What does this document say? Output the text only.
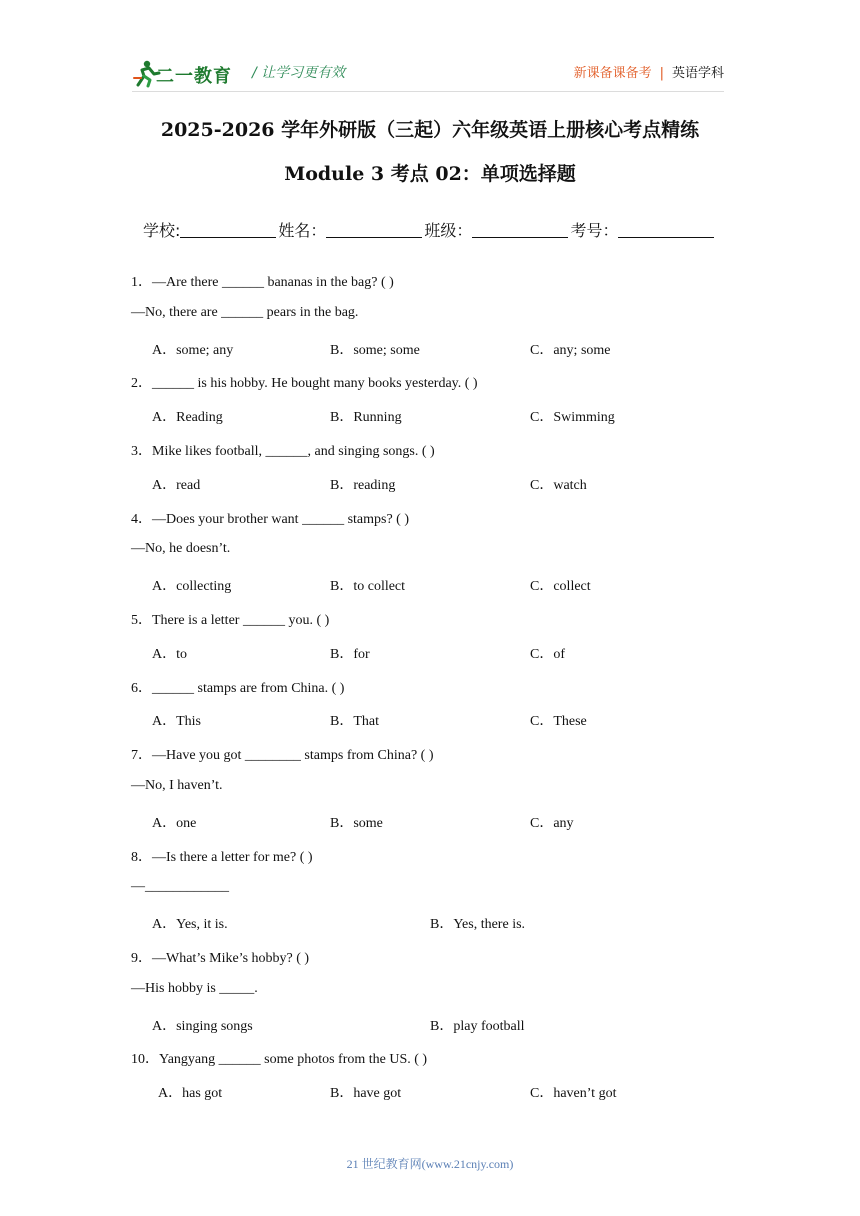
二一教育 / 让学习更有效	新课备课备考 | 英语学科
2025-2026 学年外研版（三起）六年级英语上册核心考点精练
Module 3 考点 02：单项选择题
学校:	姓名：	班级：	考号：
1．—Are there ______ bananas in the bag? ( )
—No, there are ______ pears in the bag.
A．some; any	B．some; some	C．any; some
2．______ is his hobby. He bought many books yesterday. ( )
A．Reading	B．Running	C．Swimming
3．Mike likes football, ______, and singing songs. ( )
A．read	B．reading	C．watch
4．—Does your brother want ______ stamps? ( )
—No, he doesn’t.
A．collecting	B．to collect	C．collect
5．There is a letter ______ you. ( )
A．to	B．for	C．of
6．______ stamps are from China. ( )
A．This	B．That	C．These
7．—Have you got ________ stamps from China? ( )
—No, I haven’t.
A．one	B．some	C．any
8．—Is there a letter for me? ( )
—____________
A．Yes, it is.	B．Yes, there is.
9．—What’s Mike’s hobby? ( )
—His hobby is _____.
A．singing songs	B．play football
10．Yangyang ______ some photos from the US. ( )
A．has got	B．have got	C．haven’t got
21 世纪教育网(www.21cnjy.com)
